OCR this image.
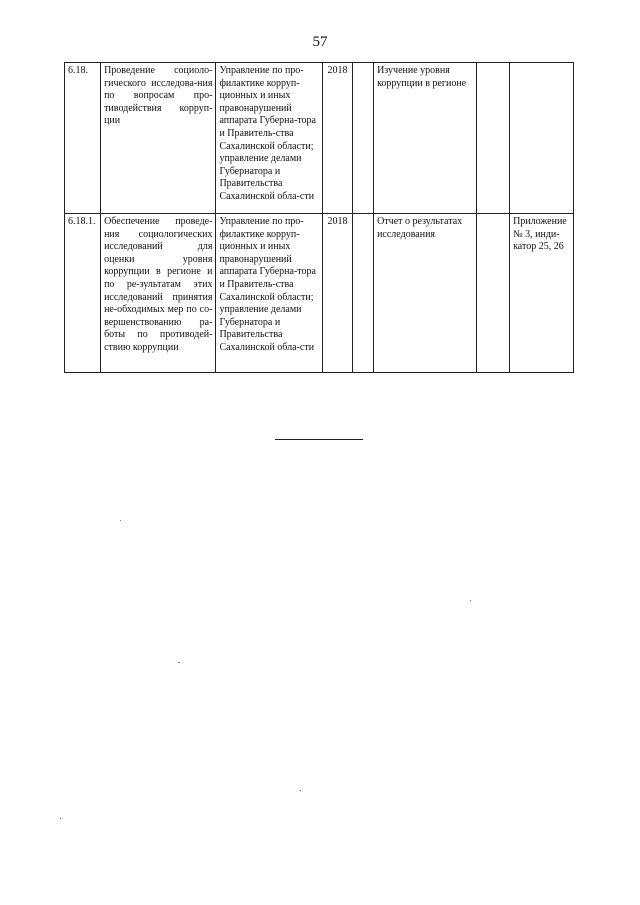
57
6.18.	Проведение социоло-гического исследова-ния по вопросам про-тиводействия корруп-ции	Управление по про-филактике корруп-ционных и иных правонарушений аппарата Губерна-тора и Правитель-ства Сахалинской области; управление делами Губернатора и Правительства Сахалинской обла-сти	2018		Изучение уровня коррупции в регионе		
6.18.1.	Обеспечение проведе-ния социологических исследований для оценки уровня коррупции в регионе и по ре-зультатам этих исследований принятия не-обходимых мер по со-вершенствованию ра-боты по противодей-ствию коррупции	Управление по про-филактике корруп-ционных и иных правонарушений аппарата Губерна-тора и Правитель-ства Сахалинской области; управление делами Губернатора и Правительства Сахалинской обла-сти	2018		Отчет о результатах исследования		Приложение № 3, инди-катор 25, 26
